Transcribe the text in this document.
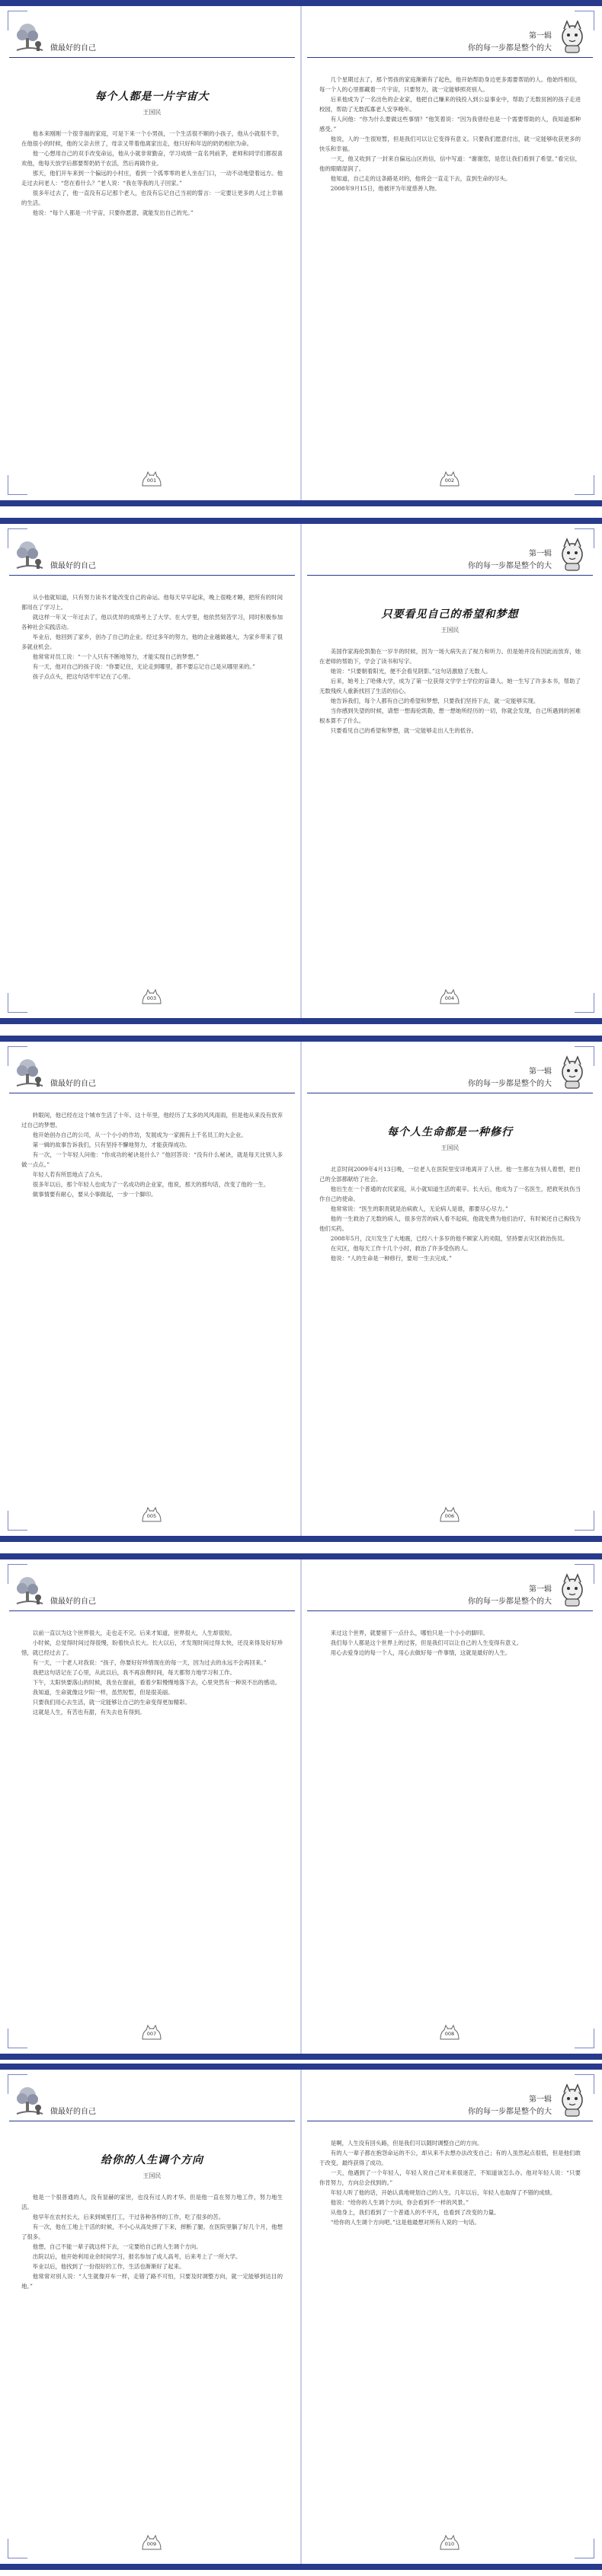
做最好的自己
每个人都是一片宇宙大
王国民

他本来刚刚一个很幸福的家庭，可是下来一个小男孩，一个生活很不顺的小孩子，他从小就很不幸，在他很小的时候，他的父亲去世了，母亲又带着他离家出走，他只好和年迈的奶奶相依为命。

他一心想用自己的双手改变命运，他从小就非常勤奋，学习成绩一直名列前茅，老师和同学们都很喜欢他，他每天放学后都要帮奶奶干农活，然后再做作业。

那天，他们开车来到一个偏远的小村庄，看到一个孤零零的老人坐在门口，一动不动地望着远方。他走过去问老人：“您在看什么？”老人说：“我在等我的儿子回家。”

很多年过去了，他一直没有忘记那个老人，也没有忘记自己当初的誓言：一定要让更多的人过上幸福的生活。

他说：“每个人都是一片宇宙，只要你愿意，就能发出自己的光。”

001
第一辑
你的每一步都是整个的大

几个星期过去了，那个男孩的家庭渐渐有了起色，他开始帮助身边更多需要帮助的人。他始终相信，每一个人的心里都藏着一片宇宙，只要努力，就一定能够照亮别人。

后来他成为了一名出色的企业家，他把自己赚来的钱投入到公益事业中，帮助了无数贫困的孩子走进校园，帮助了无数孤寡老人安享晚年。

有人问他：“你为什么要做这些事情？”他笑着说：“因为我曾经也是一个需要帮助的人，我知道那种感受。”

他说，人的一生很短暂，但是我们可以让它变得有意义。只要我们愿意付出，就一定能够收获更多的快乐和幸福。

一天，他又收到了一封来自偏远山区的信，信中写道：“谢谢您，是您让我们看到了希望。”看完信，他的眼睛湿润了。

他知道，自己走的这条路是对的，他将会一直走下去，直到生命的尽头。

2008年9月15日，他被评为年度慈善人物。

002
做最好的自己

从小他就知道，只有努力读书才能改变自己的命运。他每天早早起床，晚上很晚才睡，把所有的时间都用在了学习上。

就这样一年又一年过去了，他以优异的成绩考上了大学。在大学里，他依然刻苦学习，同时积极参加各种社会实践活动。

毕业后，他回到了家乡，创办了自己的企业。经过多年的努力，他的企业越做越大，为家乡带来了很多就业机会。

他常常对员工说：“一个人只有不断地努力，才能实现自己的梦想。”

有一天，他对自己的孩子说：“你要记住，无论走到哪里，都不要忘记自己是从哪里来的。”

孩子点点头，把这句话牢牢记在了心里。

003
第一辑
你的每一步都是整个的大
只要看见自己的希望和梦想
王国民

美国作家海伦凯勒在一岁半的时候，因为一场大病失去了视力和听力。但是她并没有因此而放弃，她在老师的帮助下，学会了读书和写字。

她说：“只要朝着阳光，便不会看见阴影。”这句话激励了无数人。

后来，她考上了哈佛大学，成为了第一位获得文学学士学位的盲聋人。她一生写了许多本书，帮助了无数残疾人重新找回了生活的信心。

她告诉我们，每个人都有自己的希望和梦想，只要我们坚持下去，就一定能够实现。

当你感到失望的时候，请想一想海伦凯勒，想一想她所经历的一切，你就会发现，自己所遇到的困难根本算不了什么。

只要看见自己的希望和梦想，就一定能够走出人生的低谷。

004
做最好的自己

转眼间，他已经在这个城市生活了十年。这十年里，他经历了太多的风风雨雨，但是他从来没有放弃过自己的梦想。

他开始创办自己的公司，从一个小小的作坊，发展成为一家拥有上千名员工的大企业。

第一辑的故事告诉我们，只有坚持不懈地努力，才能获得成功。

有一次，一个年轻人问他：“你成功的秘诀是什么？”他回答说：“没有什么秘诀，就是每天比别人多做一点点。”

年轻人若有所思地点了点头。

很多年以后，那个年轻人也成为了一名成功的企业家，他说，那天的那句话，改变了他的一生。

做事情要有耐心，要从小事做起，一步一个脚印。

005
第一辑
你的每一步都是整个的大
每个人生命都是一种修行
王国民

北京时间2009年4月13日晚，一位老人在医院里安详地离开了人世。他一生都在为别人着想，把自己的全部都献给了社会。

他出生在一个普通的农民家庭，从小就知道生活的艰辛。长大后，他成为了一名医生，把救死扶伤当作自己的使命。

他常常说：“医生的职责就是治病救人，无论病人是谁，都要尽心尽力。”

他的一生救治了无数的病人，很多穷苦的病人看不起病，他就免费为他们治疗，有时候还自己掏钱为他们买药。

2008年5月，汶川发生了大地震，已经八十多岁的他不顾家人的劝阻，坚持要去灾区救治伤员。

在灾区，他每天工作十几个小时，救治了许多受伤的人。

他说：“人的生命是一种修行，要用一生去完成。”

006
做最好的自己

以前一直以为这个世界很大，走也走不完。后来才知道，世界很大，人生却很短。

小时候，总觉得时间过得很慢，盼着快点长大。长大以后，才发现时间过得太快，还没来得及好好珍惜，就已经过去了。

有一天，一个老人对我说：“孩子，你要好好珍惜现在的每一天，因为过去的永远不会再回来。”

我把这句话记在了心里，从此以后，我不再浪费时间，每天都努力地学习和工作。

下午，太阳快要落山的时候，我坐在窗前，看着夕阳慢慢地落下去，心里突然有一种说不出的感动。

我知道，生命就像这夕阳一样，虽然短暂，但是很美丽。

只要我们用心去生活，就一定能够让自己的生命变得更加精彩。

这就是人生，有苦也有甜，有失去也有得到。

007
第一辑
你的每一步都是整个的大

来过这个世界，就要留下一点什么，哪怕只是一个小小的脚印。

我们每个人都是这个世界上的过客，但是我们可以让自己的人生变得有意义。

用心去爱身边的每一个人，用心去做好每一件事情，这就是最好的人生。

008
做最好的自己
给你的人生调个方向
王国民

他是一个很普通的人，没有显赫的家世，也没有过人的才华。但是他一直在努力地工作，努力地生活。

他早年在农村长大，后来到城里打工，干过各种各样的工作，吃了很多的苦。

有一次，他在工地上干活的时候，不小心从高处摔了下来，摔断了腿。在医院里躺了好几个月，他想了很多。

他想，自己不能一辈子就这样下去，一定要给自己的人生调个方向。

出院以后，他开始利用业余时间学习，报名参加了成人高考，后来考上了一所大学。

毕业以后，他找到了一份很好的工作，生活也渐渐好了起来。

他常常对别人说：“人生就像开车一样，走错了路不可怕，只要及时调整方向，就一定能够到达目的地。”

009
第一辑
你的每一步都是整个的大

是啊，人生没有回头路，但是我们可以随时调整自己的方向。

有的人一辈子都在抱怨命运的不公，却从来不去想办法改变自己；有的人虽然起点很低，但是他们敢于改变，最终获得了成功。

一天，他遇到了一个年轻人，年轻人说自己对未来很迷茫，不知道该怎么办。他对年轻人说：“只要你肯努力，方向总会找到的。”

年轻人听了他的话，开始认真地规划自己的人生。几年以后，年轻人也取得了不错的成绩。

他说：“给你的人生调个方向，你会看到不一样的风景。”

从他身上，我们看到了一个普通人的不平凡，也看到了改变的力量。

“给你的人生调个方向吧。”这是他最想对所有人说的一句话。

010
